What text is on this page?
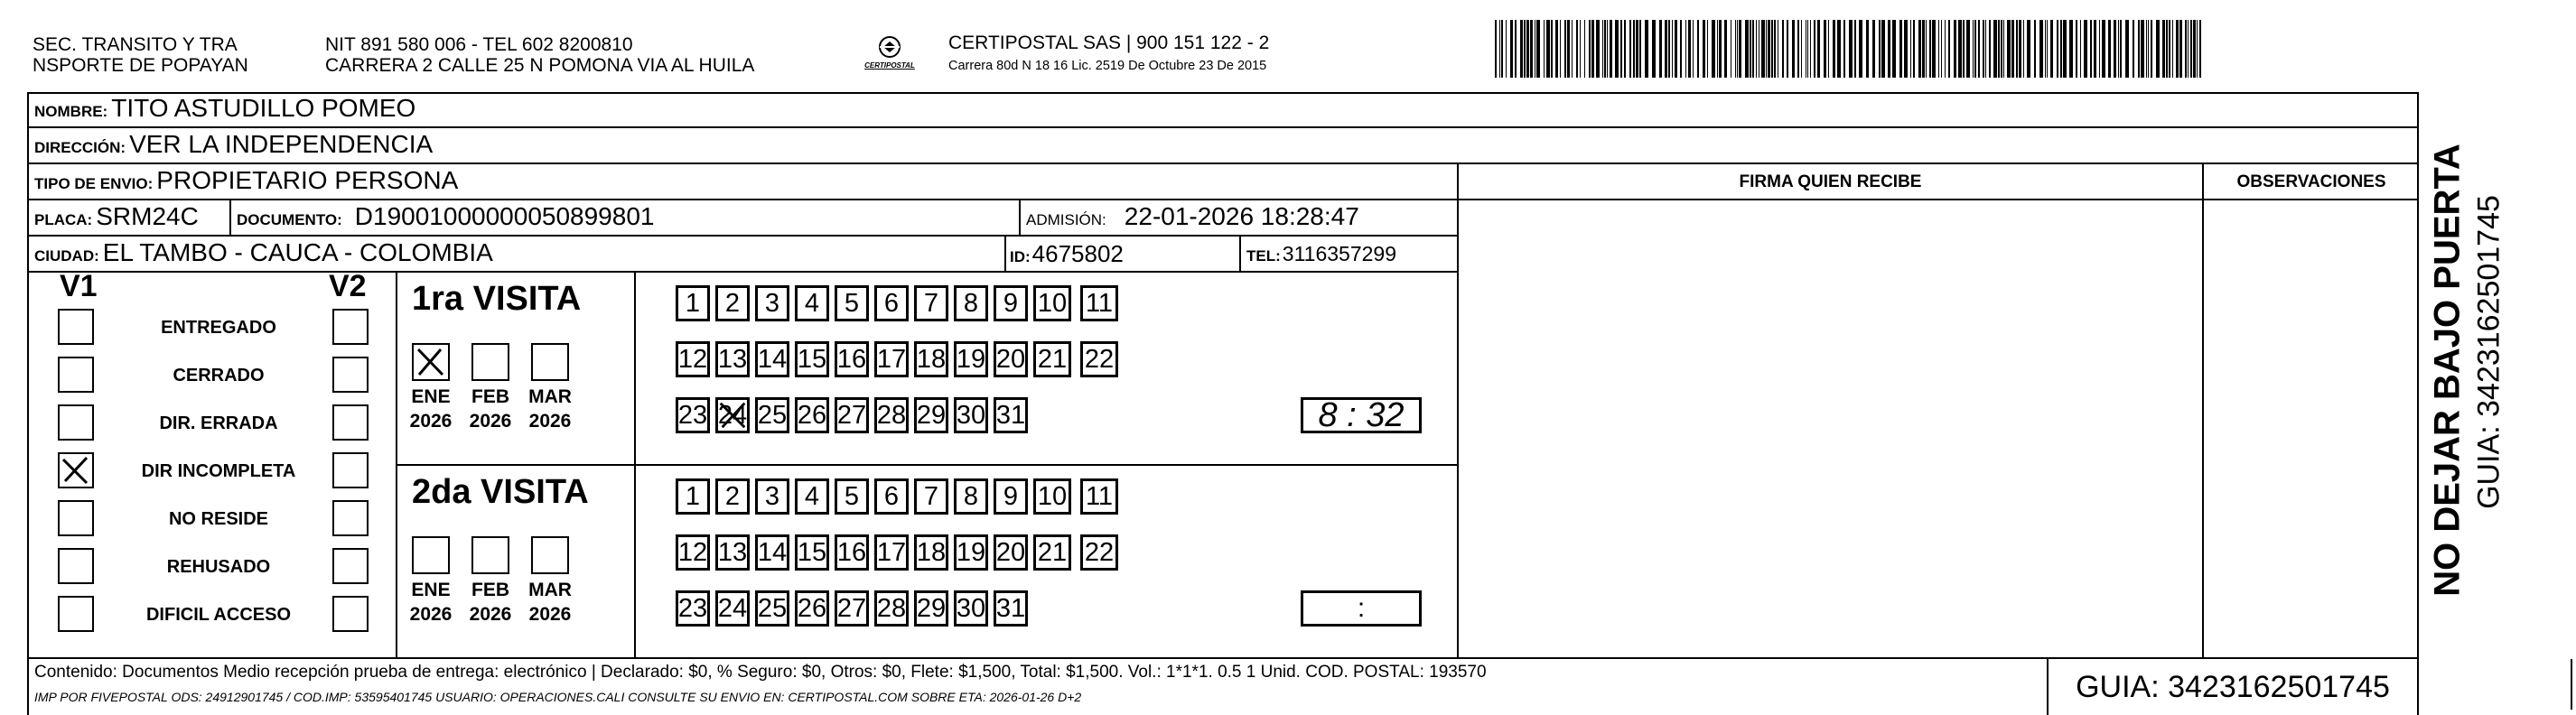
SEC. TRANSITO Y TRA
NSPORTE DE POPAYAN
NIT 891 580 006 - TEL 602 8200810
CARRERA 2 CALLE 25 N POMONA VIA AL HUILA	CERTIPOSTAL
CERTIPOSTAL SAS | 900 151 122 - 2
Carrera 80d N 18 16 Lic. 2519 De Octubre 23 De 2015
NOMBRE: TITO ASTUDILLO POMEO
DIRECCIÓN: VER LA INDEPENDENCIA
TIPO DE ENVIO: PROPIETARIO PERSONA	FIRMA QUIEN RECIBE	OBSERVACIONES
PLACA: SRM24C DOCUMENTO: D19001000000050899801	ADMISIÓN: 22-01-2026 18:28:47
CIUDAD: EL TAMBO - CAUCA - COLOMBIA	ID: 4675802	TEL: 3116357299
V1	V2
ENTREGADO
CERRADO
DIR. ERRADA
DIR INCOMPLETA
NO RESIDE
REHUSADO
DIFICIL ACCESO
1ra VISITA
ENE
2026
FEB
2026
MAR
2026
1 2 3 4 5 6 7 8 9 10 11
12 13 14 15 16 17 18 19 20 21 22
23 24 25 26 27 28 29 30 31	8 : 32
2da VISITA
ENE
2026
FEB
2026
MAR
2026
1 2 3 4 5 6 7 8 9 10 11
12 13 14 15 16 17 18 19 20 21 22
23 24 25 26 27 28 29 30 31	:
NO DEJAR BAJO PUERTA GUIA: 3423162501745
Contenido: Documentos Medio recepción prueba de entrega: electrónico | Declarado: $0, % Seguro: $0, Otros: $0, Flete: $1,500, Total: $1,500. Vol.: 1*1*1. 0.5 1 Unid. COD. POSTAL: 193570
IMP POR FIVEPOSTAL ODS: 24912901745 / COD.IMP: 53595401745 USUARIO: OPERACIONES.CALI CONSULTE SU ENVIO EN: CERTIPOSTAL.COM SOBRE ETA: 2026-01-26 D+2	GUIA: 3423162501745
